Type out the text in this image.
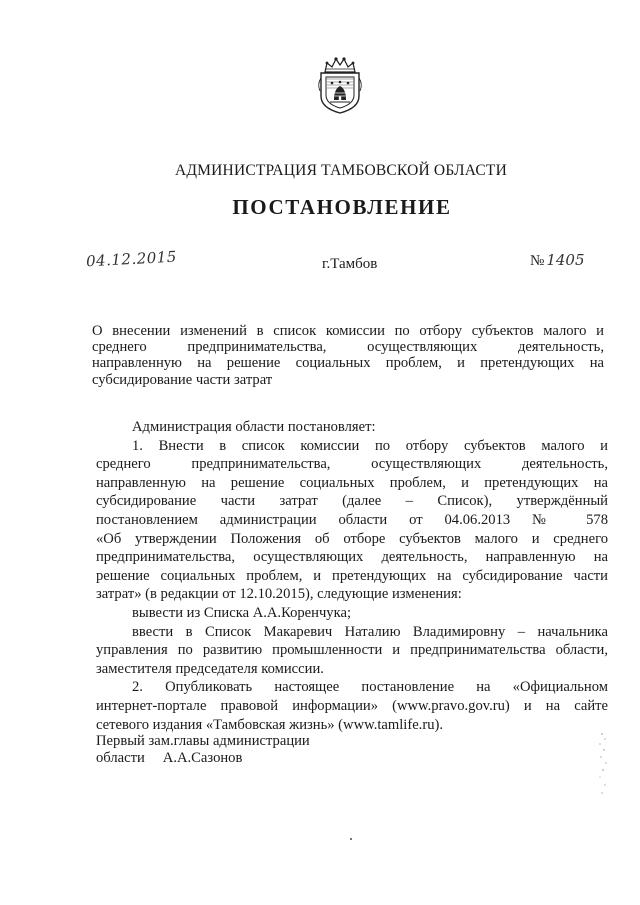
АДМИНИСТРАЦИЯ ТАМБОВСКОЙ ОБЛАСТИ
ПОСТАНОВЛЕНИЕ
04.12.2015	г.Тамбов	№ 1405

О внесении изменений в список комиссии по отбору субъектов малого и

среднего предпринимательства, осуществляющих деятельность,

направленную на решение социальных проблем, и претендующих на

субсидирование части затрат

Администрация области постановляет:

1. Внести в список комиссии по отбору субъектов малого и

среднего предпринимательства, осуществляющих деятельность,

направленную на решение социальных проблем, и претендующих на

субсидирование части затрат (далее – Список), утверждённый

постановлением администрации области от 04.06.2013 № 578

«Об утверждении Положения об отборе субъектов малого и среднего

предпринимательства, осуществляющих деятельность, направленную на

решение социальных проблем, и претендующих на субсидирование части

затрат» (в редакции от 12.10.2015), следующие изменения:

вывести из Списка А.А.Коренчука;

ввести в Список Макаревич Наталию Владимировну – начальника

управления по развитию промышленности и предпринимательства области,

заместителя председателя комиссии.

2. Опубликовать настоящее постановление на «Официальном

интернет-портале правовой информации» (www.pravo.gov.ru) и на сайте

сетевого издания «Тамбовская жизнь» (www.tamlife.ru).

Первый зам.главы администрации
области А.А.Сазонов
